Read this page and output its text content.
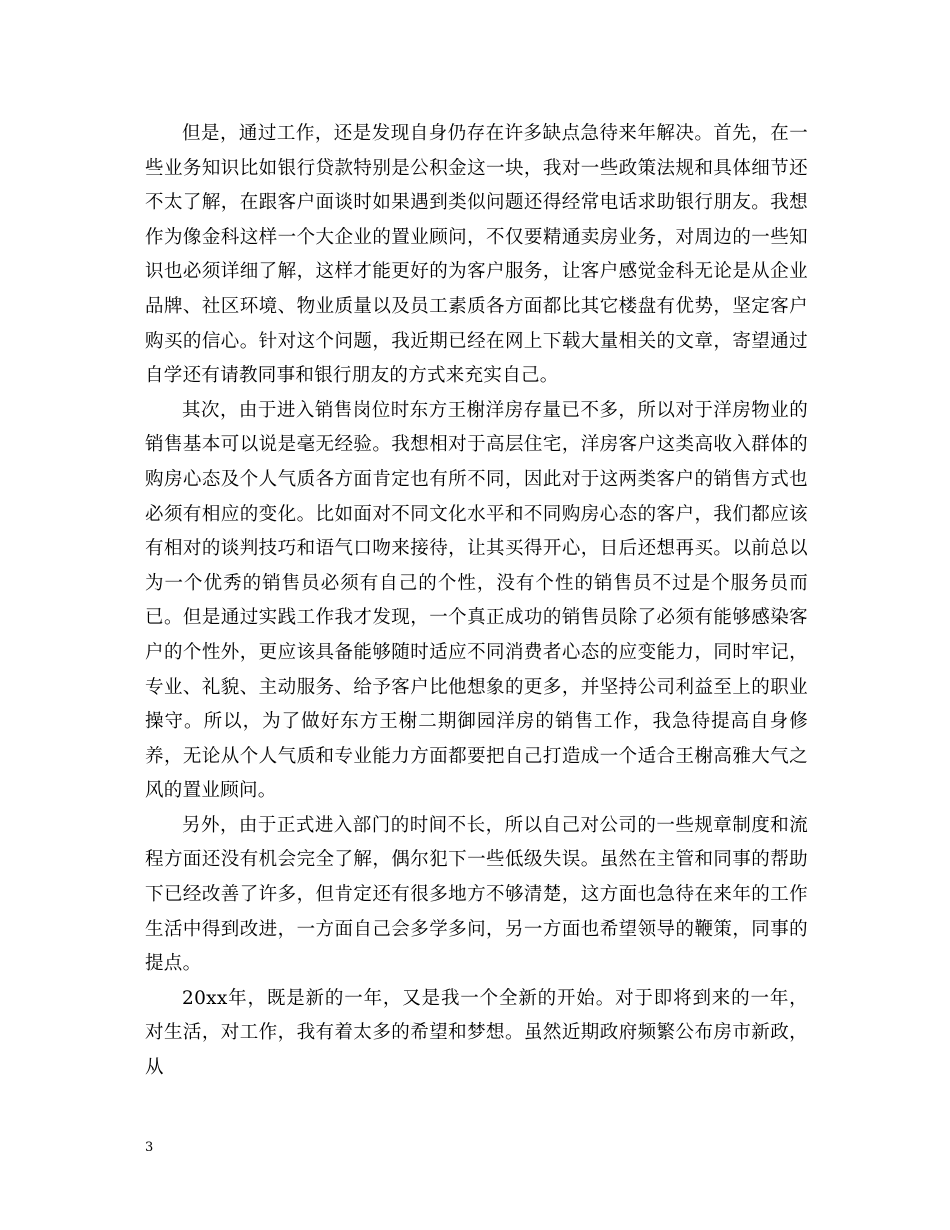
但是，通过工作，还是发现自身仍存在许多缺点急待来年解决。首先，在一些业务知识比如银行贷款特别是公积金这一块，我对一些政策法规和具体细节还不太了解，在跟客户面谈时如果遇到类似问题还得经常电话求助银行朋友。我想作为像金科这样一个大企业的置业顾问，不仅要精通卖房业务，对周边的一些知识也必须详细了解，这样才能更好的为客户服务，让客户感觉金科无论是从企业品牌、社区环境、物业质量以及员工素质各方面都比其它楼盘有优势，坚定客户购买的信心。针对这个问题，我近期已经在网上下载大量相关的文章，寄望通过自学还有请教同事和银行朋友的方式来充实自己。

其次，由于进入销售岗位时东方王榭洋房存量已不多，所以对于洋房物业的销售基本可以说是毫无经验。我想相对于高层住宅，洋房客户这类高收入群体的购房心态及个人气质各方面肯定也有所不同，因此对于这两类客户的销售方式也必须有相应的变化。比如面对不同文化水平和不同购房心态的客户，我们都应该有相对的谈判技巧和语气口吻来接待，让其买得开心，日后还想再买。以前总以为一个优秀的销售员必须有自己的个性，没有个性的销售员不过是个服务员而已。但是通过实践工作我才发现，一个真正成功的销售员除了必须有能够感染客户的个性外，更应该具备能够随时适应不同消费者心态的应变能力，同时牢记，专业、礼貌、主动服务、给予客户比他想象的更多，并坚持公司利益至上的职业操守。所以，为了做好东方王榭二期御园洋房的销售工作，我急待提高自身修养，无论从个人气质和专业能力方面都要把自己打造成一个适合王榭高雅大气之风的置业顾问。

另外，由于正式进入部门的时间不长，所以自己对公司的一些规章制度和流程方面还没有机会完全了解，偶尔犯下一些低级失误。虽然在主管和同事的帮助下已经改善了许多，但肯定还有很多地方不够清楚，这方面也急待在来年的工作生活中得到改进，一方面自己会多学多问，另一方面也希望领导的鞭策，同事的提点。

20xx年，既是新的一年，又是我一个全新的开始。对于即将到来的一年，对生活，对工作，我有着太多的希望和梦想。虽然近期政府频繁公布房市新政，从

3
